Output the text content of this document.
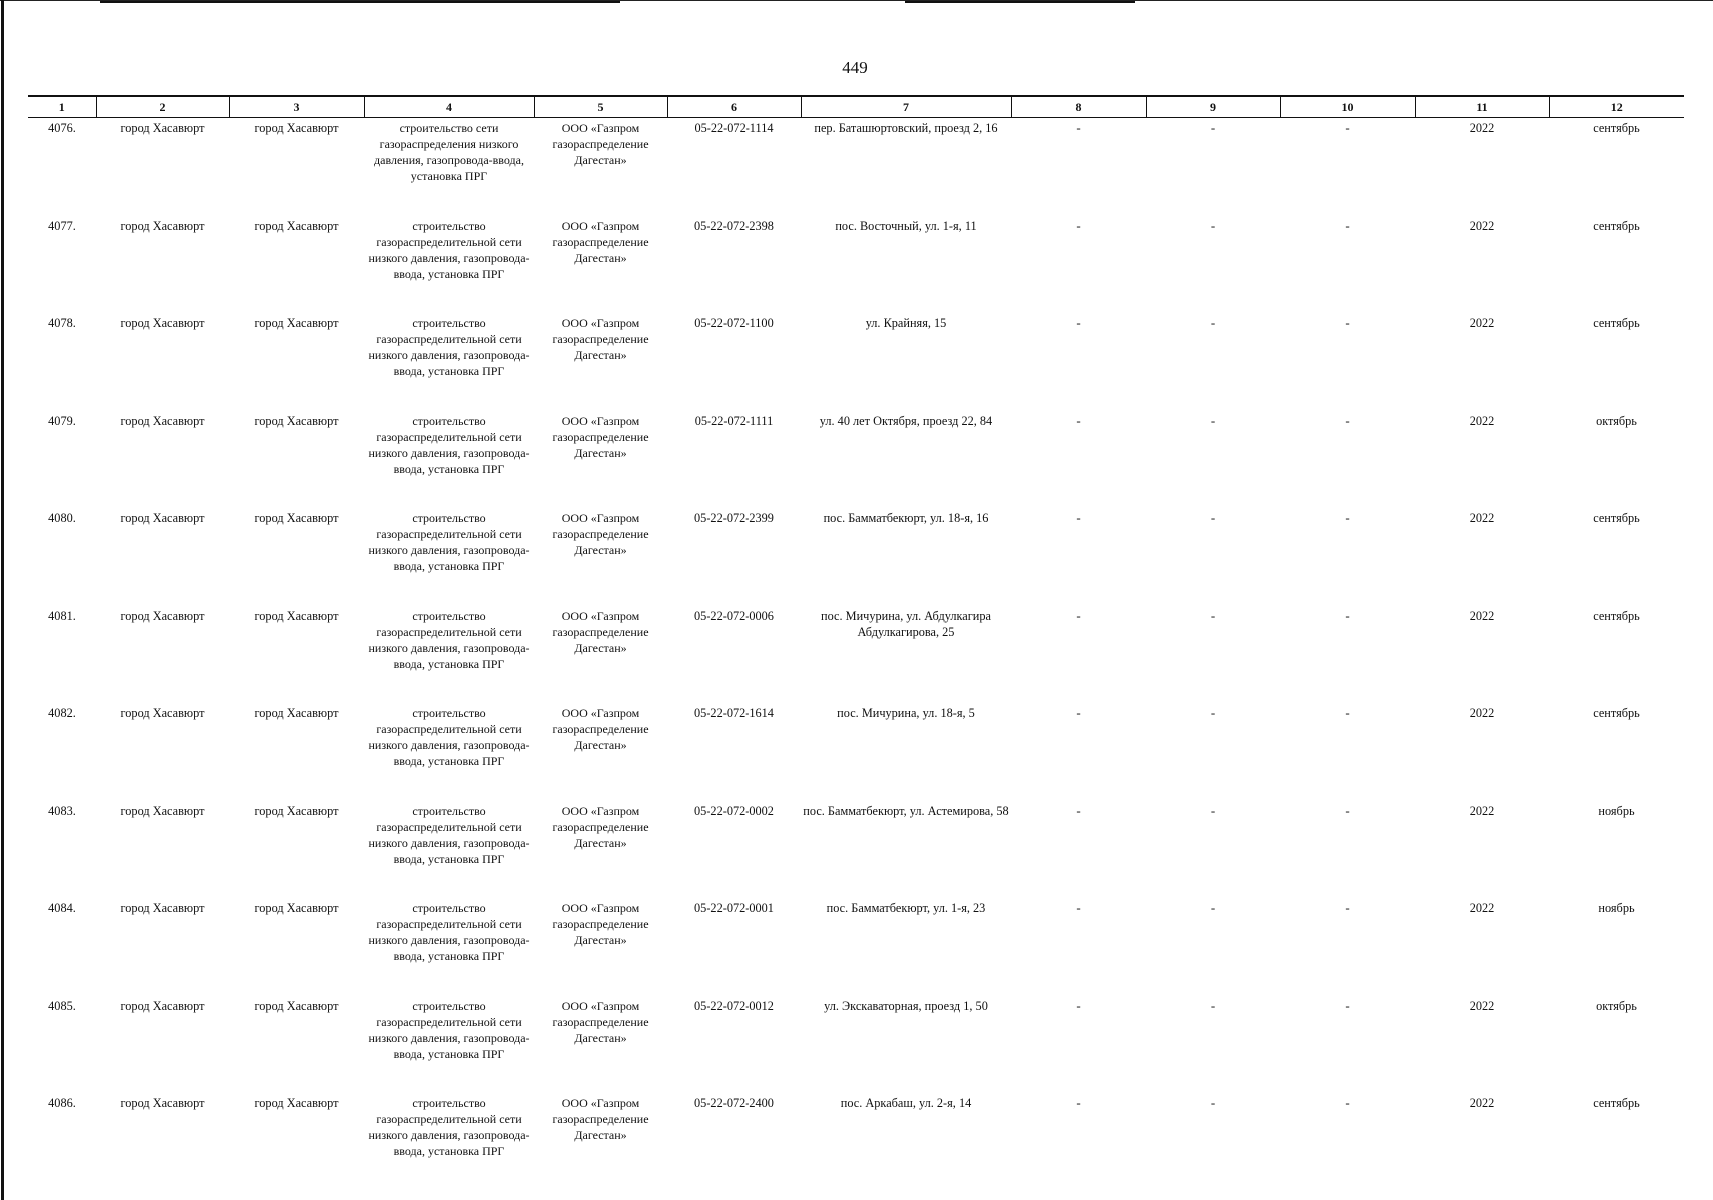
449
1	2	3	4	5	6	7	8	9	10	11	12
4076.	город Хасавюрт	город Хасавюрт	строительство сети газораспределения низкого давления, газопровода-ввода, установка ПРГ	ООО «Газпром газораспределение Дагестан»	05-22-072-1114	пер. Баташюртовский, проезд 2, 16	-	-	-	2022	сентябрь
4077.	город Хасавюрт	город Хасавюрт	строительство газораспределительной сети низкого давления, газопровода-ввода, установка ПРГ	ООО «Газпром газораспределение Дагестан»	05-22-072-2398	пос. Восточный, ул. 1-я, 11	-	-	-	2022	сентябрь
4078.	город Хасавюрт	город Хасавюрт	строительство газораспределительной сети низкого давления, газопровода-ввода, установка ПРГ	ООО «Газпром газораспределение Дагестан»	05-22-072-1100	ул. Крайняя, 15	-	-	-	2022	сентябрь
4079.	город Хасавюрт	город Хасавюрт	строительство газораспределительной сети низкого давления, газопровода-ввода, установка ПРГ	ООО «Газпром газораспределение Дагестан»	05-22-072-1111	ул. 40 лет Октября, проезд 22, 84	-	-	-	2022	октябрь
4080.	город Хасавюрт	город Хасавюрт	строительство газораспределительной сети низкого давления, газопровода-ввода, установка ПРГ	ООО «Газпром газораспределение Дагестан»	05-22-072-2399	пос. Бамматбекюрт, ул. 18-я, 16	-	-	-	2022	сентябрь
4081.	город Хасавюрт	город Хасавюрт	строительство газораспределительной сети низкого давления, газопровода-ввода, установка ПРГ	ООО «Газпром газораспределение Дагестан»	05-22-072-0006	пос. Мичурина, ул. Абдулкагира Абдулкагирова, 25	-	-	-	2022	сентябрь
4082.	город Хасавюрт	город Хасавюрт	строительство газораспределительной сети низкого давления, газопровода-ввода, установка ПРГ	ООО «Газпром газораспределение Дагестан»	05-22-072-1614	пос. Мичурина, ул. 18-я, 5	-	-	-	2022	сентябрь
4083.	город Хасавюрт	город Хасавюрт	строительство газораспределительной сети низкого давления, газопровода-ввода, установка ПРГ	ООО «Газпром газораспределение Дагестан»	05-22-072-0002	пос. Бамматбекюрт, ул. Астемирова, 58	-	-	-	2022	ноябрь
4084.	город Хасавюрт	город Хасавюрт	строительство газораспределительной сети низкого давления, газопровода-ввода, установка ПРГ	ООО «Газпром газораспределение Дагестан»	05-22-072-0001	пос. Бамматбекюрт, ул. 1-я, 23	-	-	-	2022	ноябрь
4085.	город Хасавюрт	город Хасавюрт	строительство газораспределительной сети низкого давления, газопровода-ввода, установка ПРГ	ООО «Газпром газораспределение Дагестан»	05-22-072-0012	ул. Экскаваторная, проезд 1, 50	-	-	-	2022	октябрь
4086.	город Хасавюрт	город Хасавюрт	строительство газораспределительной сети низкого давления, газопровода-ввода, установка ПРГ	ООО «Газпром газораспределение Дагестан»	05-22-072-2400	пос. Аркабаш, ул. 2-я, 14	-	-	-	2022	сентябрь
